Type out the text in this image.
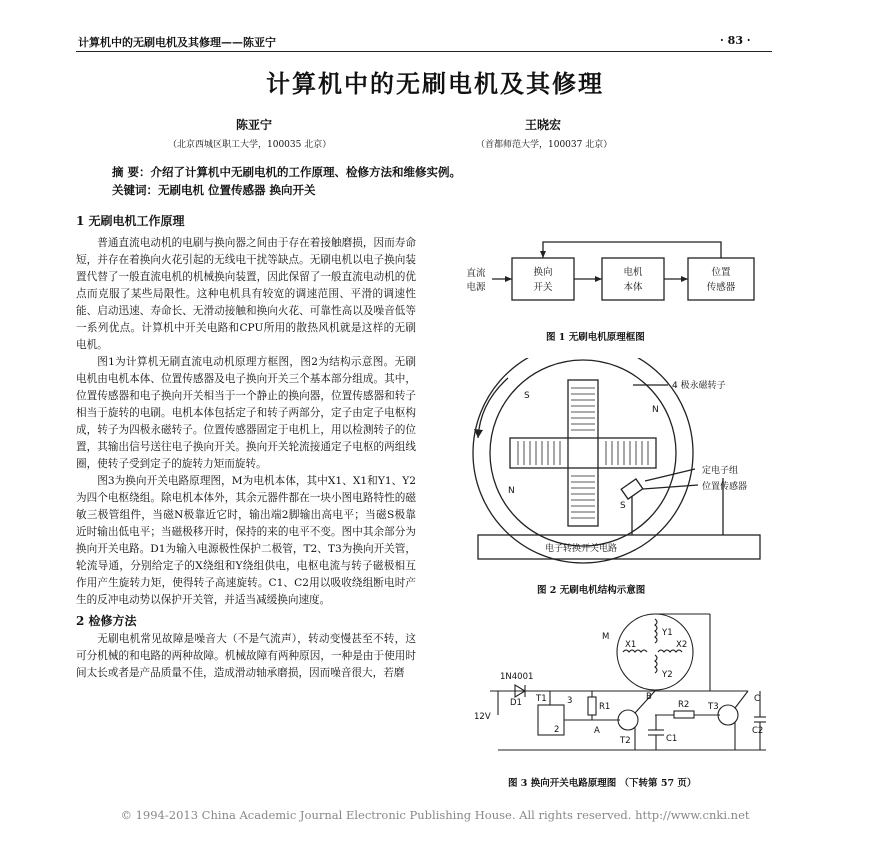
计算机中的无刷电机及其修理——陈亚宁	· 83 ·
计算机中的无刷电机及其修理
陈亚宁
（北京西城区职工大学，100035 北京）
王晓宏
（首都师范大学，100037 北京）
摘 要：介绍了计算机中无刷电机的工作原理、检修方法和维修实例。
关键词：无刷电机 位置传感器 换向开关
1 无刷电机工作原理

普通直流电动机的电刷与换向器之间由于存在着接触磨损，因而寿命短，并存在着换向火花引起的无线电干扰等缺点。无刷电机以电子换向装置代替了一般直流电机的机械换向装置，因此保留了一般直流电动机的优点而克服了某些局限性。这种电机具有较宽的调速范围、平滑的调速性能、启动迅速、寿命长、无滑动接触和换向火花、可靠性高以及噪音低等一系列优点。计算机中开关电路和CPU所用的散热风机就是这样的无刷电机。

图1为计算机无刷直流电动机原理方框图，图2为结构示意图。无刷电机由电机本体、位置传感器及电子换向开关三个基本部分组成。其中，位置传感器和电子换向开关相当于一个静止的换向器，位置传感器和转子相当于旋转的电刷。电机本体包括定子和转子两部分，定子由定子电枢构成，转子为四极永磁转子。位置传感器固定于电机上，用以检测转子的位置，其输出信号送往电子换向开关。换向开关轮流接通定子电枢的两组线圈，使转子受到定子的旋转力矩而旋转。

图3为换向开关电路原理图，M为电机本体，其中X1、X1和Y1、Y2为四个电枢绕组。除电机本体外，其余元器件都在一块小图电路特性的磁敏三极管组件，当磁N极靠近它时，输出端2脚输出高电平；当磁S极靠近时输出低电平；当磁极移开时，保持的来的电平不变。图中其余部分为换向开关电路。D1为输入电源极性保护二极管，T2、T3为换向开关管，轮流导通，分别给定子的X绕组和Y绕组供电，电枢电流与转子磁极相互作用产生旋转力矩，使得转子高速旋转。C1、C2用以吸收绕组断电时产生的反冲电动势以保护开关管，并适当减缓换向速度。

2 检修方法

无刷电机常见故障是噪音大（不是气流声），转动变慢甚至不转，这可分机械的和电路的两种故障。机械故障有两种原因，一种是由于使用时间太长或者是产品质量不佳，造成滑动轴承磨损，因而噪音很大，若磨

直流
电源
换向
开关
电机
本体
位置
传感器
图 1 无刷电机原理框图
S
N
N
S
4 极永磁转子
定电子组
位置传感器
电子转换开关电路
图 2 无刷电机结构示意图
M	Y1
X1	X2
Y2
1N4001
D1 T1 3
2
R1
12V
A
B
T2
R2
C1
T3
C
C2
图 3 换向开关电路原理图 （下转第 57 页）
© 1994-2013 China Academic Journal Electronic Publishing House. All rights reserved. http://www.cnki.net
